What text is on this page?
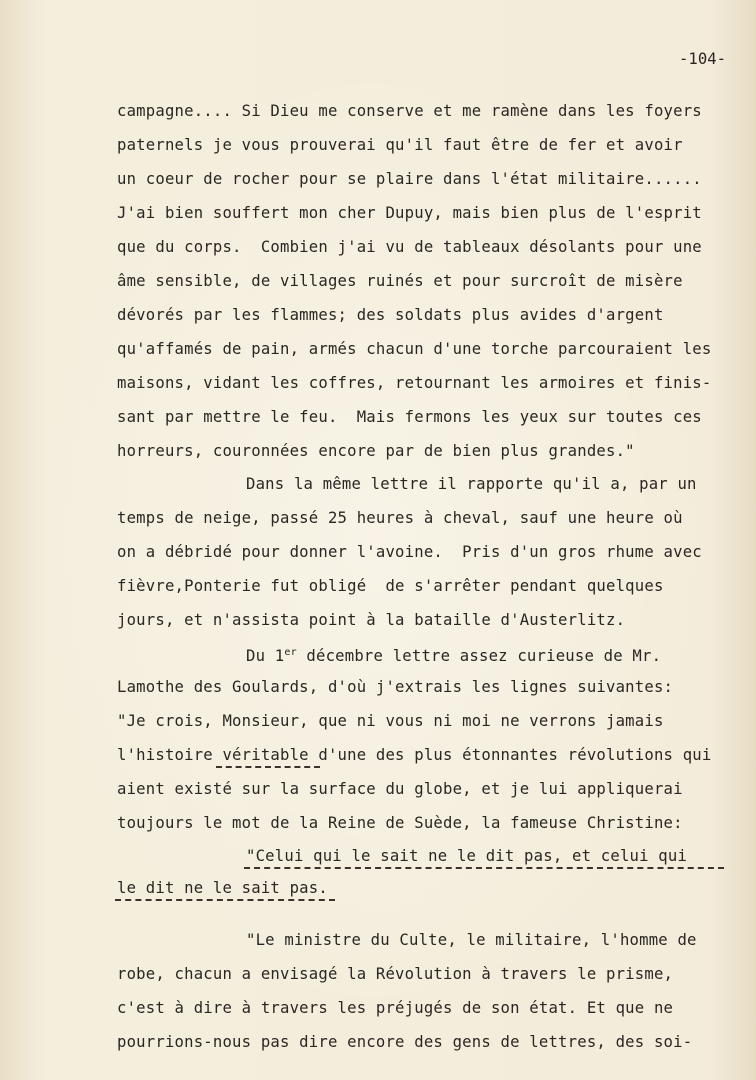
-104-
campagne.... Si Dieu me conserve et me ramène dans les foyers
paternels je vous prouverai qu'il faut être de fer et avoir
un coeur de rocher pour se plaire dans l'état militaire......
J'ai bien souffert mon cher Dupuy, mais bien plus de l'esprit
que du corps.  Combien j'ai vu de tableaux désolants pour une
âme sensible, de villages ruinés et pour surcroît de misère
dévorés par les flammes; des soldats plus avides d'argent
qu'affamés de pain, armés chacun d'une torche parcouraient les
maisons, vidant les coffres, retournant les armoires et finis-
sant par mettre le feu.  Mais fermons les yeux sur toutes ces
horreurs, couronnées encore par de bien plus grandes."
Dans la même lettre il rapporte qu'il a, par un
temps de neige, passé 25 heures à cheval, sauf une heure où
on a débridé pour donner l'avoine.  Pris d'un gros rhume avec
fièvre,Ponterie fut obligé  de s'arrêter pendant quelques
jours, et n'assista point à la bataille d'Austerlitz.
Du 1er décembre lettre assez curieuse de Mr.
Lamothe des Goulards, d'où j'extrais les lignes suivantes:
"Je crois, Monsieur, que ni vous ni moi ne verrons jamais
l'histoire véritable d'une des plus étonnantes révolutions qui
aient existé sur la surface du globe, et je lui appliquerai
toujours le mot de la Reine de Suède, la fameuse Christine:
"Celui qui le sait ne le dit pas, et celui qui
le dit ne le sait pas.
"Le ministre du Culte, le militaire, l'homme de
robe, chacun a envisagé la Révolution à travers le prisme,
c'est à dire à travers les préjugés de son état. Et que ne
pourrions-nous pas dire encore des gens de lettres, des soi-
